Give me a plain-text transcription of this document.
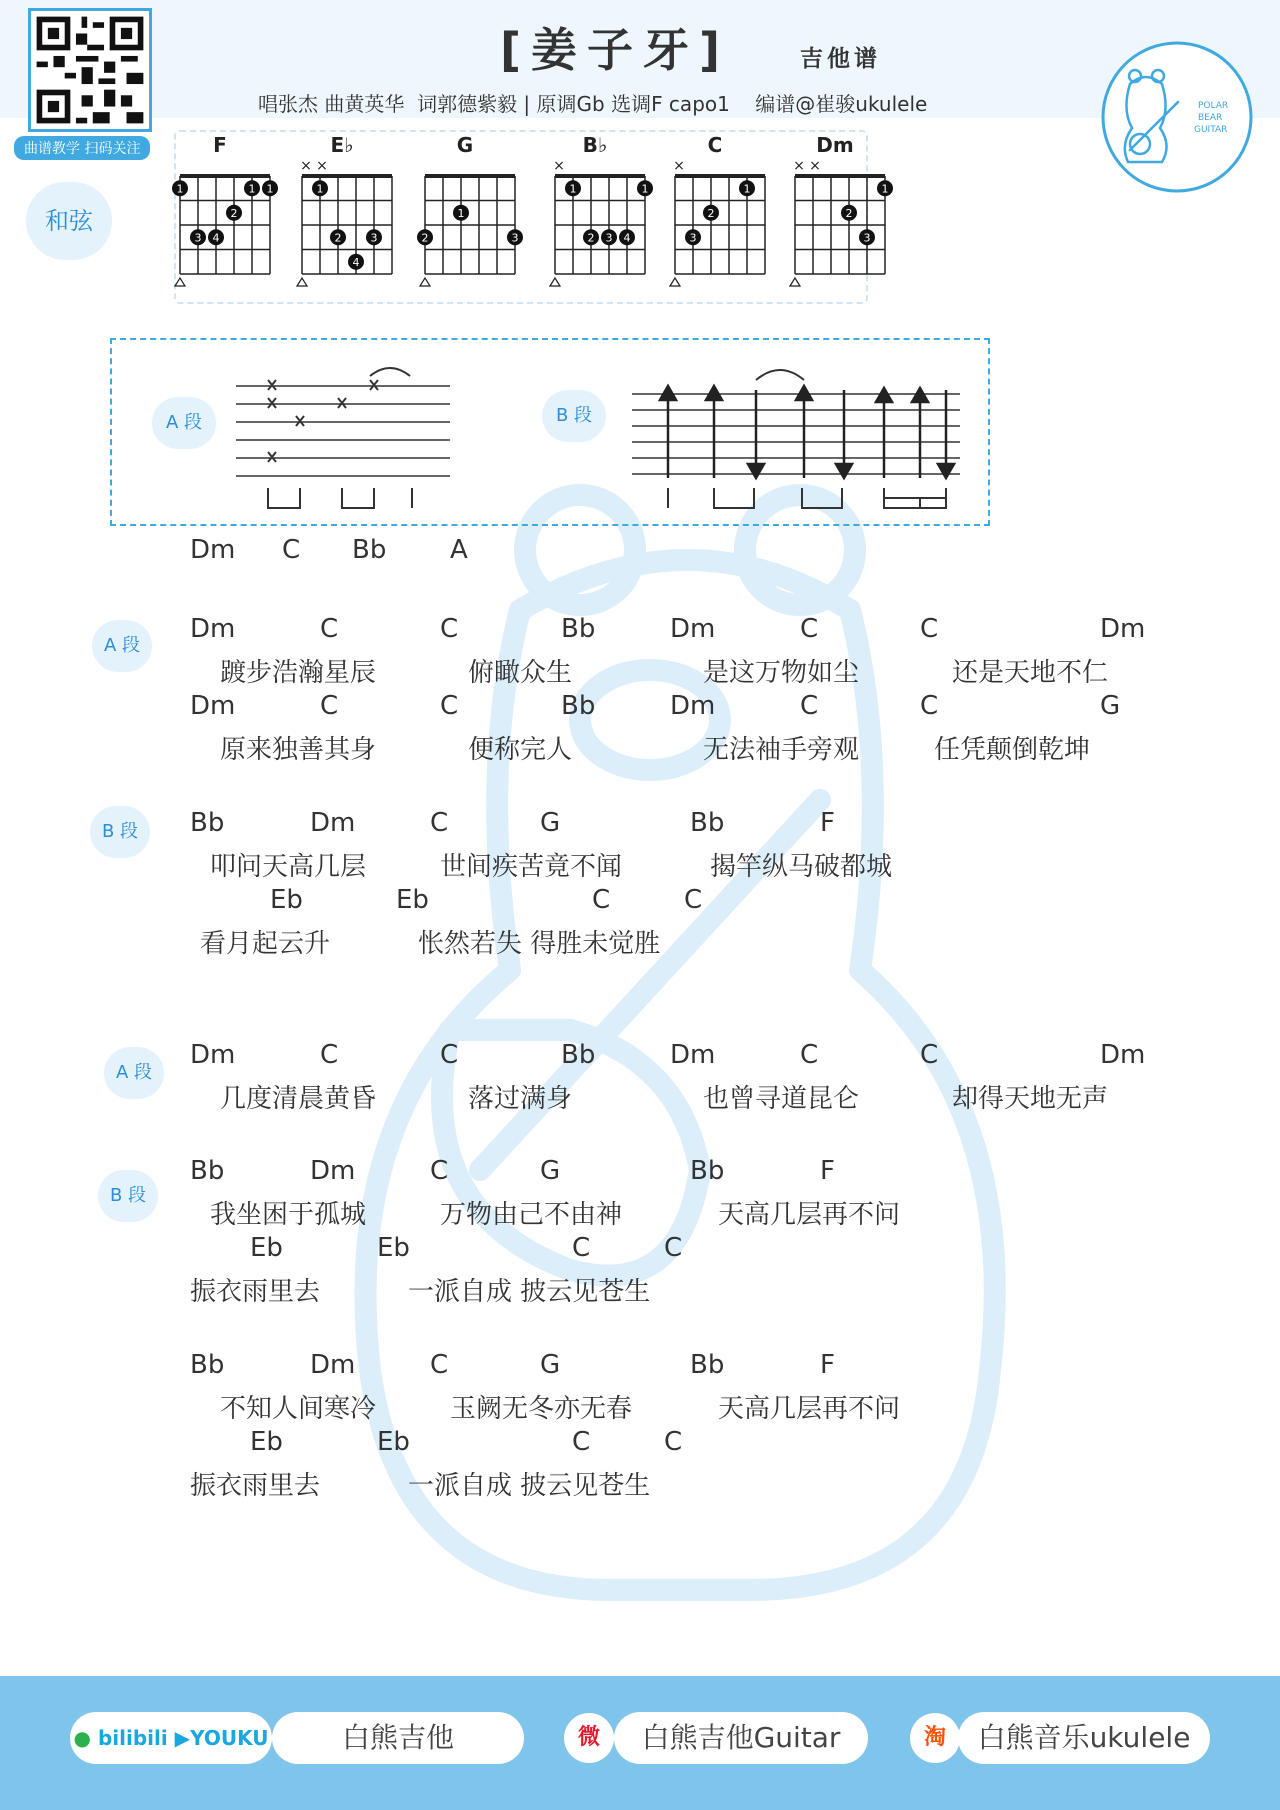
曲谱教学 扫码关注
[姜子牙]	吉他谱
唱张杰 曲黄英华  词郭德紫毅 | 原调Gb 选调F capo1    编谱@崔骏ukulele	POLAR
BEAR
GUITAR
和弦
F
1	1
1
2
3 4
E♭
× ×
1
2	3
4
G
1
2	3
B♭
×
1	1
2 3 4
C
×
1
2
3
Dm
× ×
1
2
3
A 段	B 段
Dm C Bb A
A 段
Dm	C	C	Bb	Dm	C	C	Dm
踱步浩瀚星辰	俯瞰众生	是这万物如尘	还是天地不仁
Dm	C	C	Bb	Dm	C	C	G
原来独善其身	便称完人	无法袖手旁观	任凭颠倒乾坤
B 段	Bb	Dm	C	G	Bb	F
叩问天高几层	世间疾苦竟不闻	揭竿纵马破都城
Eb	Eb	C	C
看月起云升	怅然若失 得胜未觉胜
A 段
Dm	C	C	Bb	Dm	C	C	Dm
几度清晨黄昏	落过满身	也曾寻道昆仑	却得天地无声
B 段
Bb	Dm	C	G	Bb	F
我坐困于孤城	万物由己不由神	天高几层再不问
Eb	Eb	C	C
振衣雨里去	一派自成 披云见苍生
Bb	Dm	C	G	Bb	F
不知人间寒冷	玉阙无冬亦无春	天高几层再不问
Eb	Eb	C	C
振衣雨里去	一派自成 披云见苍生
● bilibili ▶YOUKU	白熊吉他	微	白熊吉他Guitar	淘	白熊音乐ukulele
